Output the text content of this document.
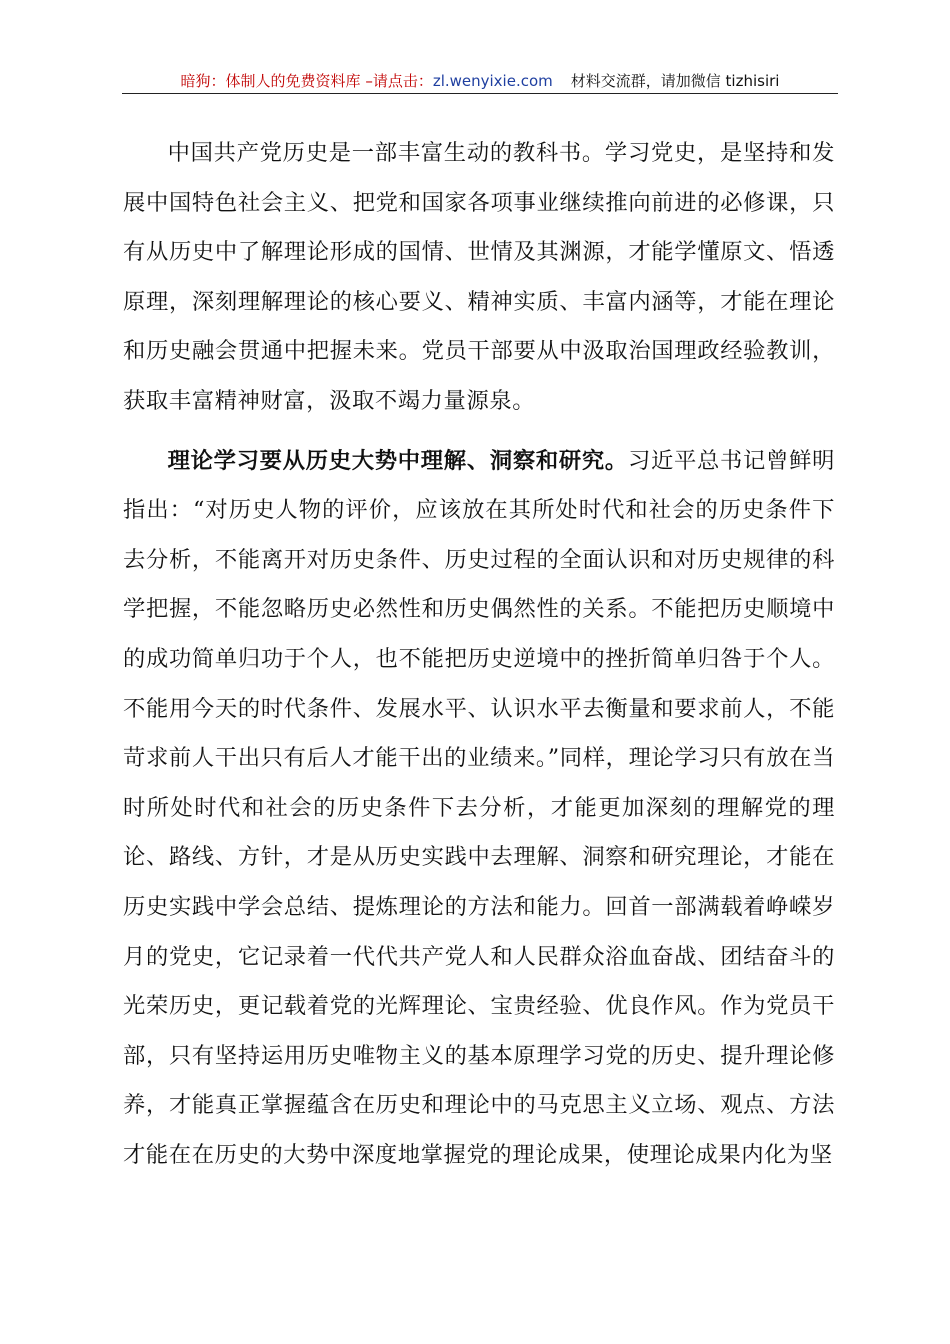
暗狗：体制人的免费资料库 –请点击：zl.wenyixie.com 材料交流群，请加微信 tizhisiri

中国共产党历史是一部丰富生动的教科书。学习党史，是坚持和发展中国特色社会主义、把党和国家各项事业继续推向前进的必修课，只有从历史中了解理论形成的国情、世情及其渊源，才能学懂原文、悟透原理，深刻理解理论的核心要义、精神实质、丰富内涵等，才能在理论和历史融会贯通中把握未来。党员干部要从中汲取治国理政经验教训，获取丰富精神财富，汲取不竭力量源泉。

理论学习要从历史大势中理解、洞察和研究。习近平总书记曾鲜明指出：“对历史人物的评价，应该放在其所处时代和社会的历史条件下去分析，不能离开对历史条件、历史过程的全面认识和对历史规律的科学把握，不能忽略历史必然性和历史偶然性的关系。不能把历史顺境中的成功简单归功于个人，也不能把历史逆境中的挫折简单归咎于个人。不能用今天的时代条件、发展水平、认识水平去衡量和要求前人，不能苛求前人干出只有后人才能干出的业绩来。”同样，理论学习只有放在当时所处时代和社会的历史条件下去分析，才能更加深刻的理解党的理论、路线、方针，才是从历史实践中去理解、洞察和研究理论，才能在历史实践中学会总结、提炼理论的方法和能力。回首一部满载着峥嵘岁月的党史，它记录着一代代共产党人和人民群众浴血奋战、团结奋斗的光荣历史，更记载着党的光辉理论、宝贵经验、优良作风。作为党员干部，只有坚持运用历史唯物主义的基本原理学习党的历史、提升理论修养，才能真正掌握蕴含在历史和理论中的马克思主义立场、观点、方法才能在在历史的大势中深度地掌握党的理论成果，使理论成果内化为坚
